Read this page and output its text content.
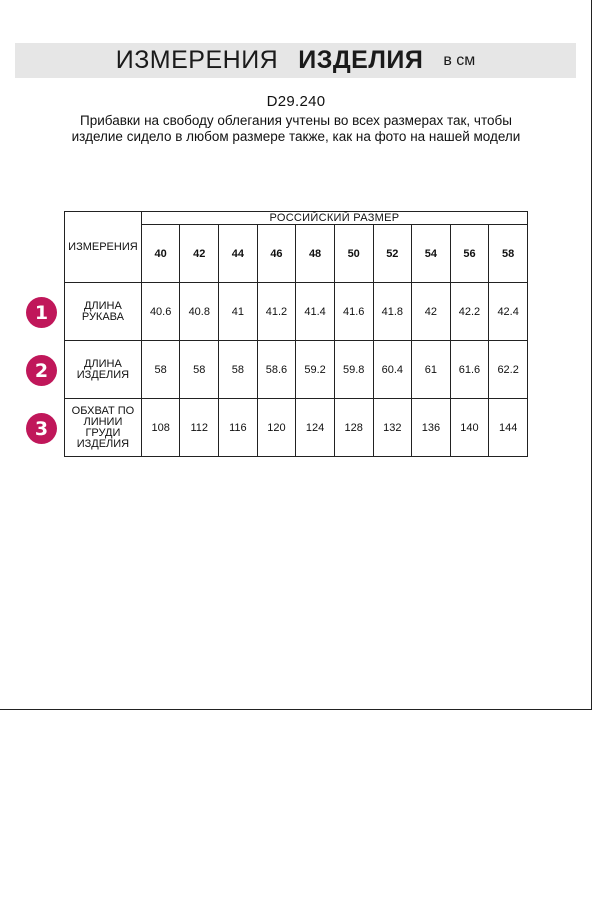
ИЗМЕРЕНИЯ ИЗДЕЛИЯ в см
D29.240
Прибавки на свободу облегания учтены во всех размерах так, чтобы изделие сидело в любом размере также, как на фото на нашей модели
1
2
3
ИЗМЕРЕНИЯ	РОССИЙСКИЙ РАЗМЕР									
	40	42	44	46	48	50	52	54	56	58
ДЛИНА РУКАВА	40.6	40.8	41	41.2	41.4	41.6	41.8	42	42.2	42.4
ДЛИНА ИЗДЕЛИЯ	58	58	58	58.6	59.2	59.8	60.4	61	61.6	62.2
ОБХВАТ ПО ЛИНИИ ГРУДИ ИЗДЕЛИЯ	108	112	116	120	124	128	132	136	140	144
